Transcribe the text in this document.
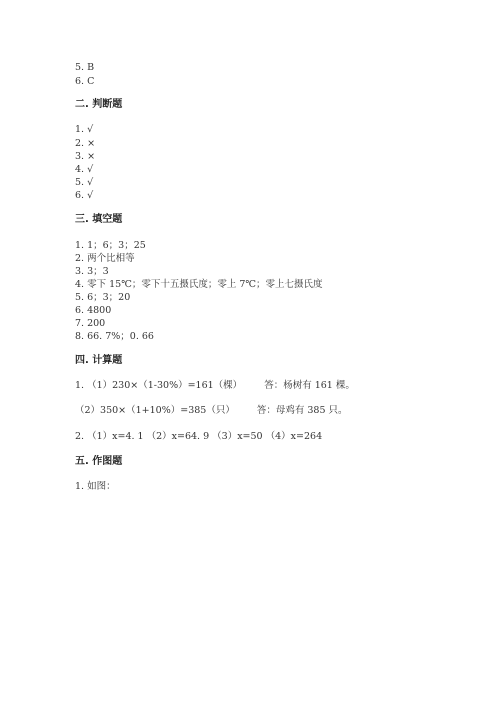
5. B
6. C
二. 判断题
1. √
2. ×
3. ×
4. √
5. √
6. √
三. 填空题
1. 1；6；3；25
2. 两个比相等
3. 3；3
4. 零下 15℃；零下十五摄氏度；零上 7℃；零上七摄氏度
5. 6；3；20
6. 4800
7. 200
8. 66. 7%；0. 66
四. 计算题
1. （1）230×（1-30%）=161（棵） 答：杨树有 161 棵。
（2）350×（1+10%）=385（只） 答：母鸡有 385 只。
2. （1）x=4. 1 （2）x=64. 9 （3）x=50 （4）x=264
五. 作图题
1. 如图：
